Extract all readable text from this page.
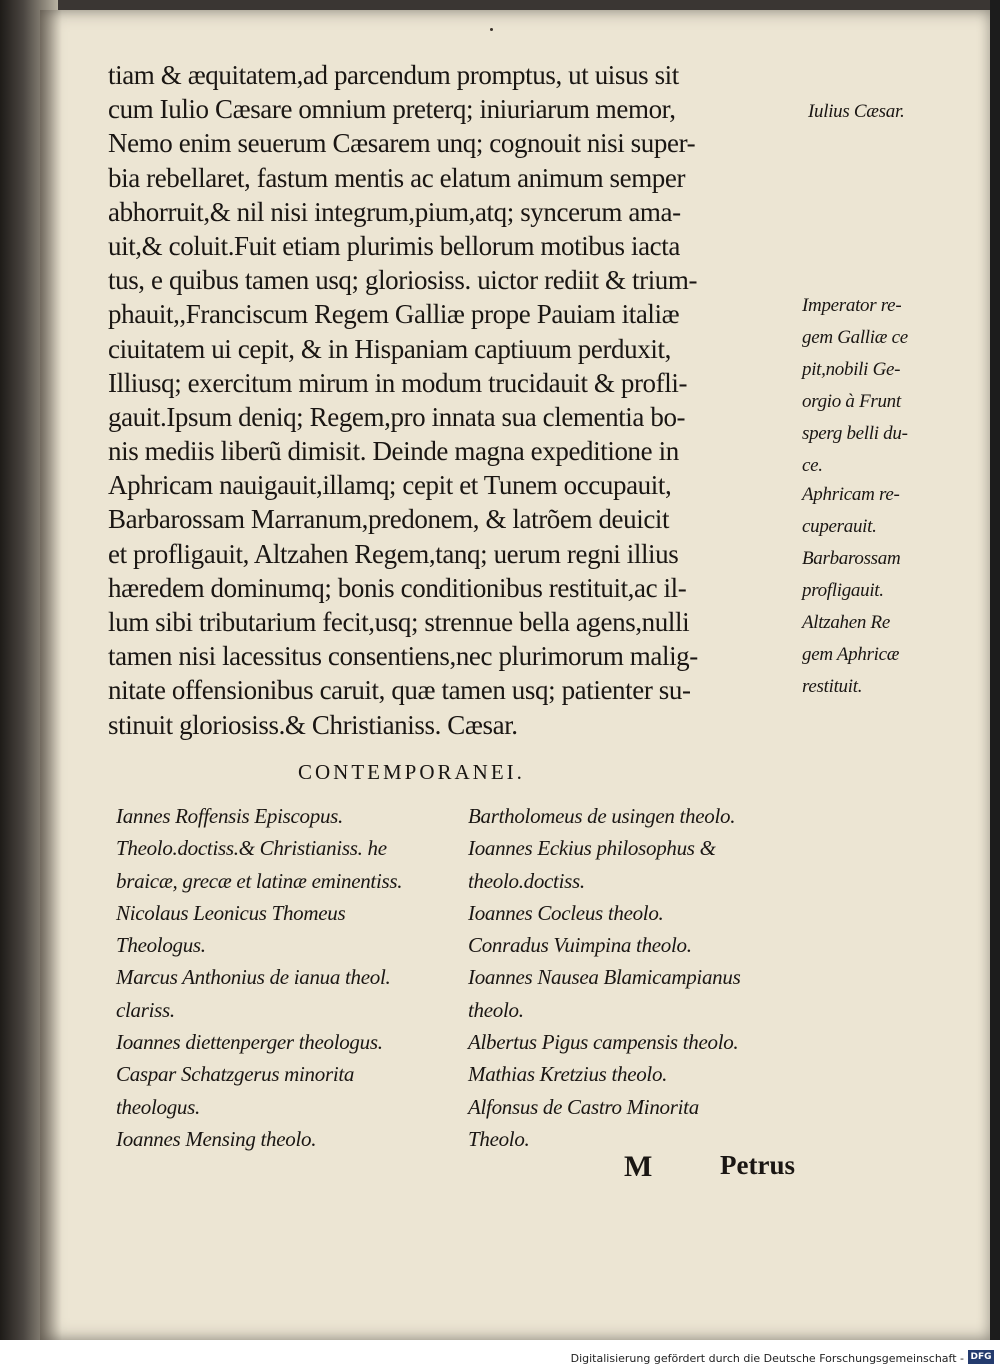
tiam & æquitatem,ad parcendum promptus, ut uisus sit
cum Iulio Cæsare omnium preterq; iniuriarum memor,
Nemo enim seuerum Cæsarem unq; cognouit nisi super-
bia rebellaret, fastum mentis ac elatum animum semper
abhorruit,& nil nisi integrum,pium,atq; syncerum ama-
uit,& coluit.Fuit etiam plurimis bellorum motibus iacta
tus, e quibus tamen usq; gloriosiss. uictor rediit & trium-
phauit,,Franciscum Regem Galliæ prope Pauiam italiæ
ciuitatem ui cepit, & in Hispaniam captiuum perduxit,
Illiusq; exercitum mirum in modum trucidauit & profli-
gauit.Ipsum deniq; Regem,pro innata sua clementia bo-
nis mediis liberũ dimisit. Deinde magna expeditione in
Aphricam nauigauit,illamq; cepit et Tunem occupauit,
Barbarossam Marranum,predonem, & latrõem deuicit
et profligauit, Altzahen Regem,tanq; uerum regni illius
hæredem dominumq; bonis conditionibus restituit,ac il-
lum sibi tributarium fecit,usq; strennue bella agens,nulli
tamen nisi lacessitus consentiens,nec plurimorum malig-
nitate offensionibus caruit, quæ tamen usq; patienter su-
stinuit gloriosiss.& Christianiss. Cæsar.
Iulius Cæsar.
Imperator re-
gem Galliæ ce
pit,nobili Ge-
orgio à Frunt
sperg belli du-
ce.
Aphricam re-
cuperauit.
Barbarossam
profligauit.
Altzahen Re
gem Aphricæ
restituit.
CONTEMPORANEI.
Iannes Roffensis Episcopus.
Theolo.doctiss.& Christianiss. he
braicæ, grecæ et latinæ eminentiss.
Nicolaus Leonicus Thomeus
Theologus.
Marcus Anthonius de ianua theol.
clariss.
Ioannes diettenperger theologus.
Caspar Schatzgerus minorita
theologus.
Ioannes Mensing theolo.
Bartholomeus de usingen theolo.
Ioannes Eckius philosophus &
theolo.doctiss.
Ioannes Cocleus theolo.
Conradus Vuimpina theolo.
Ioannes Nausea Blamicampianus
theolo.
Albertus Pigus campensis theolo.
Mathias Kretzius theolo.
Alfonsus de Castro Minorita
Theolo.
M	Petrus
Digitalisierung gefördert durch die Deutsche Forschungsgemeinschaft - DFG
